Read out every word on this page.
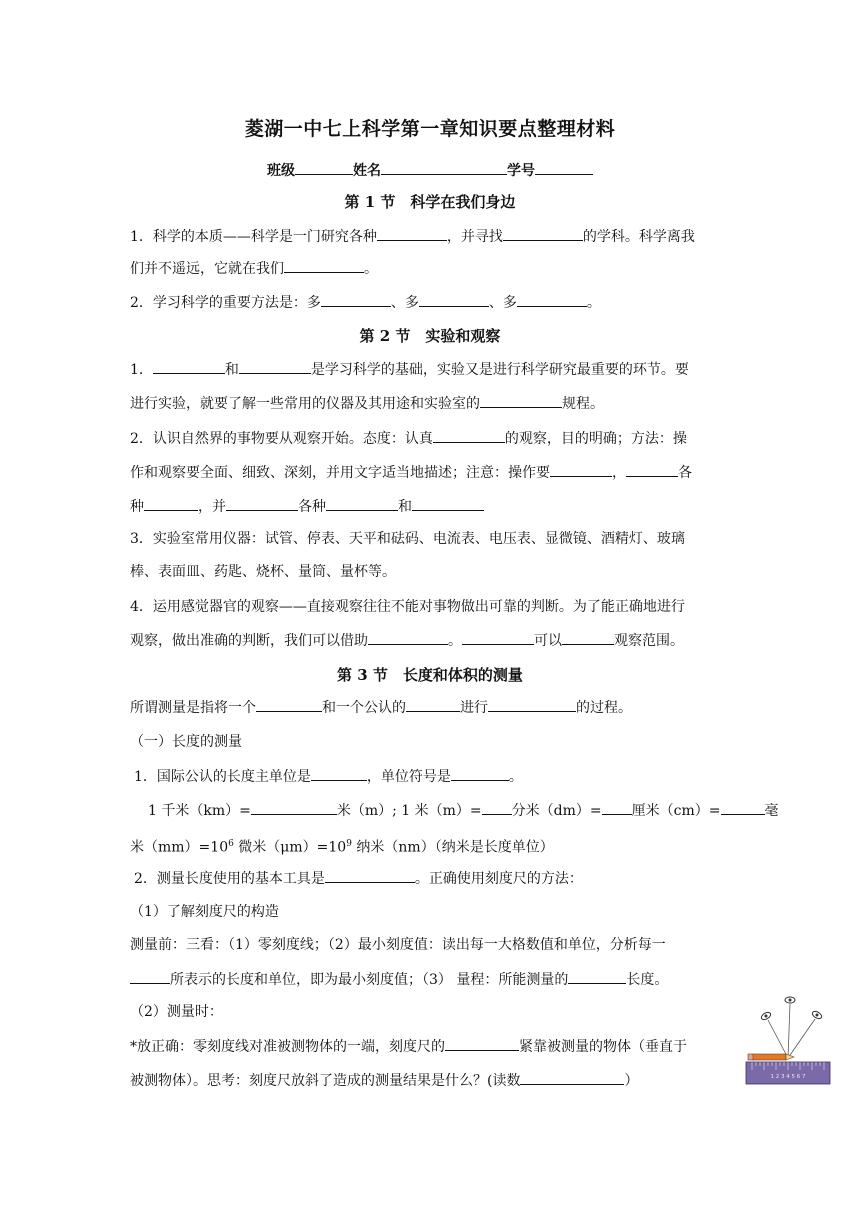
菱湖一中七上科学第一章知识要点整理材料
班级	姓名	学号
第 1 节　科学在我们身边
1．科学的本质——科学是一门研究各种	，并寻找	的学科。科学离我
们并不遥远，它就在我们	。
2．学习科学的重要方法是：多	、多	、多	。
第 2 节　实验和观察
1．	和	是学习科学的基础，实验又是进行科学研究最重要的环节。要
进行实验，就要了解一些常用的仪器及其用途和实验室的	规程。
2．认识自然界的事物要从观察开始。态度：认真	的观察，目的明确；方法：操
作和观察要全面、细致、深刻，并用文字适当地描述；注意：操作要	，	各
种	，并	各种	和
3．实验室常用仪器：试管、停表、天平和砝码、电流表、电压表、显微镜、酒精灯、玻璃
棒、表面皿、药匙、烧杯、量筒、量杯等。
4．运用感觉器官的观察——直接观察往往不能对事物做出可靠的判断。为了能正确地进行
观察，做出准确的判断，我们可以借助	。	可以	观察范围。
第 3 节　长度和体积的测量
所谓测量是指将一个	和一个公认的	进行	的过程。
（一）长度的测量
1．国际公认的长度主单位是	，单位符号是	。
1 千米（km）=	米（m）; 1 米（m）= 分米（dm）= 厘米（cm）=	毫
米$(mm)=10^6$ 微米$(\mu m)=10^9$ 纳米（nm）（纳米是长度单位）
2．测量长度使用的基本工具是	。正确使用刻度尺的方法：
（1）了解刻度尺的构造
测量前：三看：（1）零刻度线；（2）最小刻度值：读出每一大格数值和单位，分析每一
所表示的长度和单位，即为最小刻度值；（3） 量程：所能测量的	长度。
（2）测量时：
*放正确：零刻度线对准被测物体的一端，刻度尺的	紧靠被测量的物体（垂直于
被测物体）。思考：刻度尺放斜了造成的测量结果是什么？(读数	）	1 2 3 4 5 6 7
